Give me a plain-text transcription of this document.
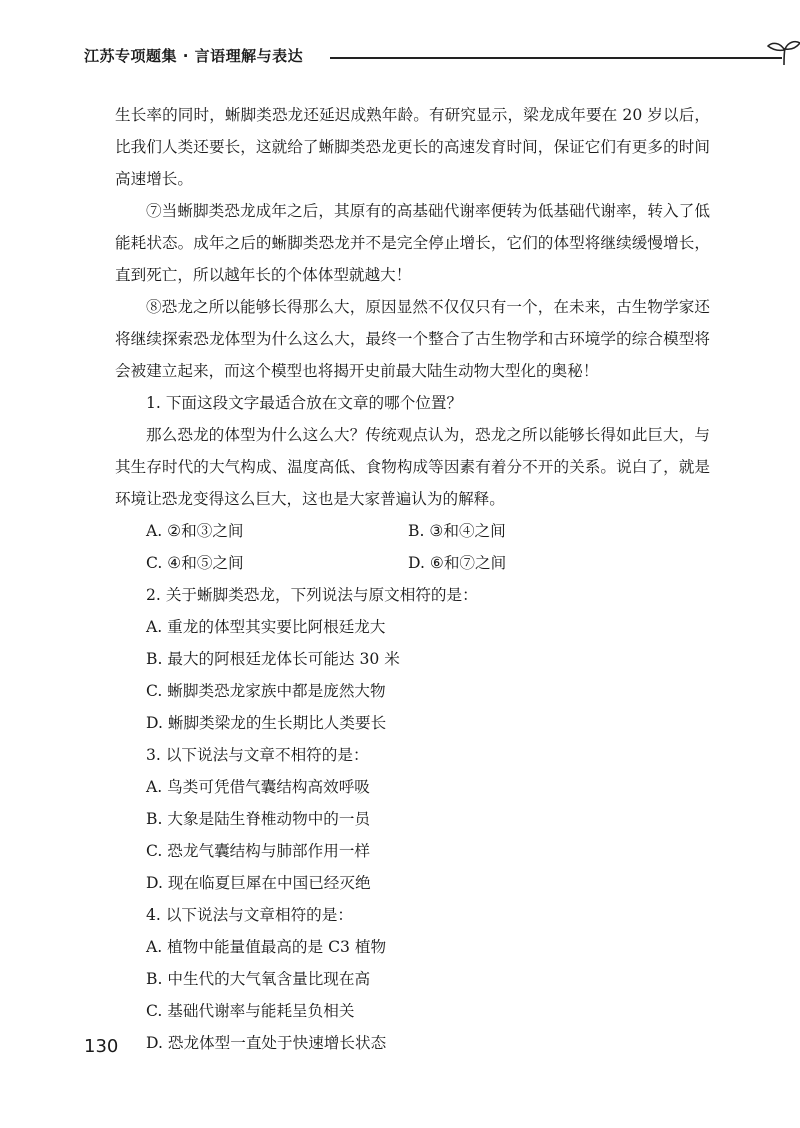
江苏专项题集 · 言语理解与表达

生长率的同时，蜥脚类恐龙还延迟成熟年龄。有研究显示，梁龙成年要在 20 岁以后，比我们人类还要长，这就给了蜥脚类恐龙更长的高速发育时间，保证它们有更多的时间高速增长。

⑦当蜥脚类恐龙成年之后，其原有的高基础代谢率便转为低基础代谢率，转入了低能耗状态。成年之后的蜥脚类恐龙并不是完全停止增长，它们的体型将继续缓慢增长，直到死亡，所以越年长的个体体型就越大！

⑧恐龙之所以能够长得那么大，原因显然不仅仅只有一个，在未来，古生物学家还将继续探索恐龙体型为什么这么大，最终一个整合了古生物学和古环境学的综合模型将会被建立起来，而这个模型也将揭开史前最大陆生动物大型化的奥秘！

1. 下面这段文字最适合放在文章的哪个位置？

那么恐龙的体型为什么这么大？传统观点认为，恐龙之所以能够长得如此巨大，与其生存时代的大气构成、温度高低、食物构成等因素有着分不开的关系。说白了，就是环境让恐龙变得这么巨大，这也是大家普遍认为的解释。

A. ②和③之间	B. ③和④之间
C. ④和⑤之间	D. ⑥和⑦之间

2. 关于蜥脚类恐龙，下列说法与原文相符的是：

A. 重龙的体型其实要比阿根廷龙大
B. 最大的阿根廷龙体长可能达 30 米
C. 蜥脚类恐龙家族中都是庞然大物
D. 蜥脚类梁龙的生长期比人类要长

3. 以下说法与文章不相符的是：

A. 鸟类可凭借气囊结构高效呼吸
B. 大象是陆生脊椎动物中的一员
C. 恐龙气囊结构与肺部作用一样
D. 现在临夏巨犀在中国已经灭绝

4. 以下说法与文章相符的是：

A. 植物中能量值最高的是 C3 植物
B. 中生代的大气氧含量比现在高
C. 基础代谢率与能耗呈负相关
D. 恐龙体型一直处于快速增长状态
130
